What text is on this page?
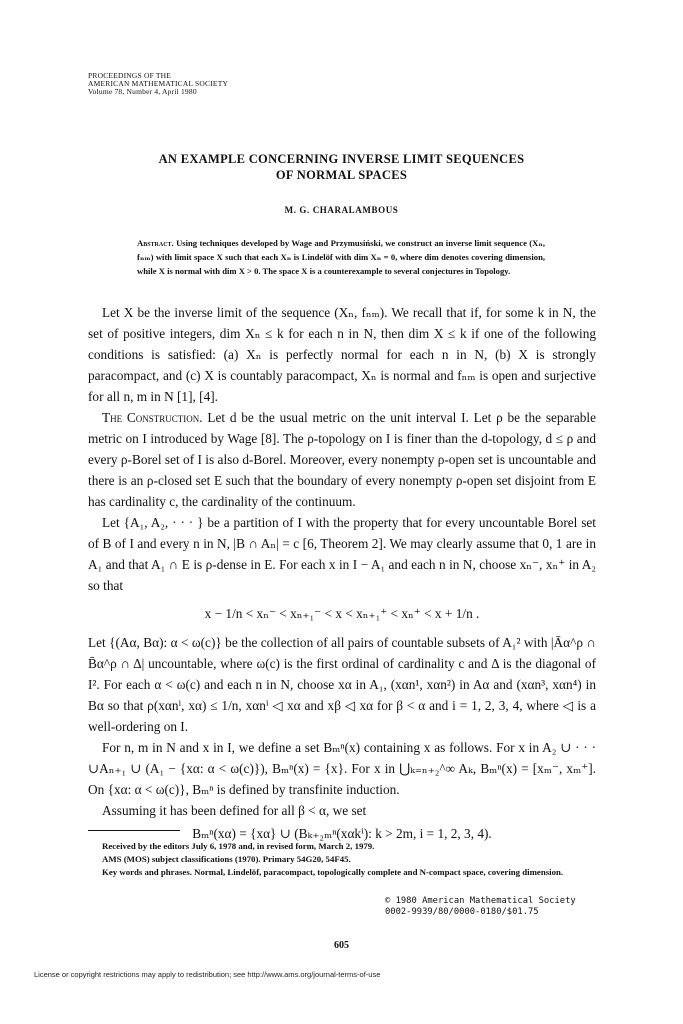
PROCEEDINGS OF THE
AMERICAN MATHEMATICAL SOCIETY
Volume 78, Number 4, April 1980
AN EXAMPLE CONCERNING INVERSE LIMIT SEQUENCES
OF NORMAL SPACES
M. G. CHARALAMBOUS
Abstract. Using techniques developed by Wage and Przymusiński, we construct an inverse limit sequence (Xₙ, fₙₘ) with limit space X such that each Xₙ is Lindelöf with dim Xₙ = 0, where dim denotes covering dimension, while X is normal with dim X > 0. The space X is a counterexample to several conjectures in Topology.

Let X be the inverse limit of the sequence (Xₙ, fₙₘ). We recall that if, for some k in N, the set of positive integers, dim Xₙ ≤ k for each n in N, then dim X ≤ k if one of the following conditions is satisfied: (a) Xₙ is perfectly normal for each n in N, (b) X is strongly paracompact, and (c) X is countably paracompact, Xₙ is normal and fₙₘ is open and surjective for all n, m in N [1], [4].

The Construction. Let d be the usual metric on the unit interval I. Let ρ be the separable metric on I introduced by Wage [8]. The ρ-topology on I is finer than the d-topology, d ≤ ρ and every ρ-Borel set of I is also d-Borel. Moreover, every nonempty ρ-open set is uncountable and there is an ρ-closed set E such that the boundary of every nonempty ρ-open set disjoint from E has cardinality c, the cardinality of the continuum.

Let {A₁, A₂, · · · } be a partition of I with the property that for every uncountable Borel set of B of I and every n in N, |B ∩ Aₙ| = c [6, Theorem 2]. We may clearly assume that 0, 1 are in A₁ and that A₁ ∩ E is ρ-dense in E. For each x in I − A₁ and each n in N, choose xₙ⁻, xₙ⁺ in A₂ so that

x − 1/n < xₙ⁻ < xₙ₊₁⁻ < x < xₙ₊₁⁺ < xₙ⁺ < x + 1/n .

Let {(Aα, Bα): α < ω(c)} be the collection of all pairs of countable subsets of A₁² with |Āα^ρ ∩ B̄α^ρ ∩ Δ| uncountable, where ω(c) is the first ordinal of cardinality c and Δ is the diagonal of I². For each α < ω(c) and each n in N, choose xα in A₁, (xαn¹, xαn²) in Aα and (xαn³, xαn⁴) in Bα so that ρ(xαnⁱ, xα) ≤ 1/n, xαnⁱ ◁ xα and xβ ◁ xα for β < α and i = 1, 2, 3, 4, where ◁ is a well-ordering on I.

For n, m in N and x in I, we define a set Bₘⁿ(x) containing x as follows. For x in A₂ ∪ · · · ∪Aₙ₊₁ ∪ (A₁ − {xα: α < ω(c)}), Bₘⁿ(x) = {x}. For x in ⋃ₖ₌ₙ₊₂^∞ Aₖ, Bₘⁿ(x) = [xₘ⁻, xₘ⁺]. On {xα: α < ω(c)}, Bₘⁿ is defined by transfinite induction.

Assuming it has been defined for all β < α, we set

Bₘⁿ(xα) = {xα} ∪ (Bₖ₊₂ₘⁿ(xαkⁱ): k > 2m, i = 1, 2, 3, 4).
Received by the editors July 6, 1978 and, in revised form, March 2, 1979.
AMS (MOS) subject classifications (1970). Primary 54G20, 54F45.
Key words and phrases. Normal, Lindelöf, paracompact, topologically complete and N-compact space, covering dimension.
© 1980 American Mathematical Society
0002-9939/80/0000-0180/$01.75
605
License or copyright restrictions may apply to redistribution; see http://www.ams.org/journal-terms-of-use
